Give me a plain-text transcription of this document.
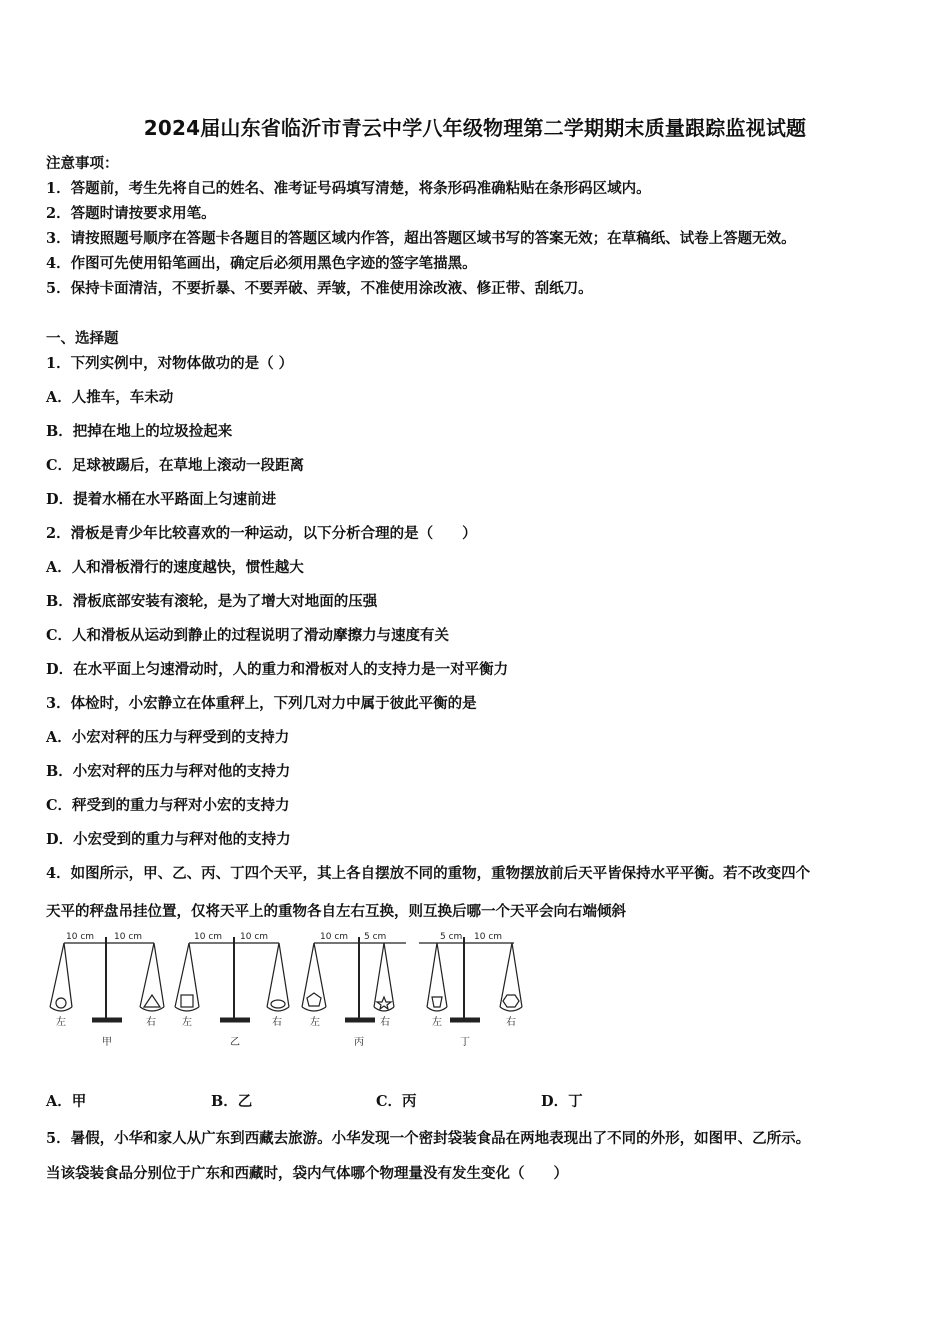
2024届山东省临沂市青云中学八年级物理第二学期期末质量跟踪监视试题
注意事项：
1．答题前，考生先将自己的姓名、准考证号码填写清楚，将条形码准确粘贴在条形码区域内。
2．答题时请按要求用笔。
3．请按照题号顺序在答题卡各题目的答题区域内作答，超出答题区域书写的答案无效；在草稿纸、试卷上答题无效。
4．作图可先使用铅笔画出，确定后必须用黑色字迹的签字笔描黑。
5．保持卡面清洁，不要折暴、不要弄破、弄皱，不准使用涂改液、修正带、刮纸刀。
一、选择题
1．下列实例中，对物体做功的是（ ）
A．人推车，车未动
B．把掉在地上的垃圾捡起来
C．足球被踢后，在草地上滚动一段距离
D．提着水桶在水平路面上匀速前进
2．滑板是青少年比较喜欢的一种运动，以下分析合理的是（　　）
A．人和滑板滑行的速度越快，惯性越大
B．滑板底部安装有滚轮，是为了增大对地面的压强
C．人和滑板从运动到静止的过程说明了滑动摩擦力与速度有关
D．在水平面上匀速滑动时，人的重力和滑板对人的支持力是一对平衡力
3．体检时，小宏静立在体重秤上，下列几对力中属于彼此平衡的是
A．小宏对秤的压力与秤受到的支持力
B．小宏对秤的压力与秤对他的支持力
C．秤受到的重力与秤对小宏的支持力
D．小宏受到的重力与秤对他的支持力
4．如图所示，甲、乙、丙、丁四个天平，其上各自摆放不同的重物，重物摆放前后天平皆保持水平平衡。若不改变四个
天平的秤盘吊挂位置，仅将天平上的重物各自左右互换，则互换后哪一个天平会向右端倾斜
10 cm 10 cm
左	右
甲
10 cm 10 cm
左	右
乙
10 cm 5 cm
左	右
丙
5 cm 10 cm
左	右
丁
A．甲	B．乙	C．丙	D．丁
5．暑假，小华和家人从广东到西藏去旅游。小华发现一个密封袋装食品在两地表现出了不同的外形，如图甲、乙所示。
当该袋装食品分别位于广东和西藏时，袋内气体哪个物理量没有发生变化（　　）
